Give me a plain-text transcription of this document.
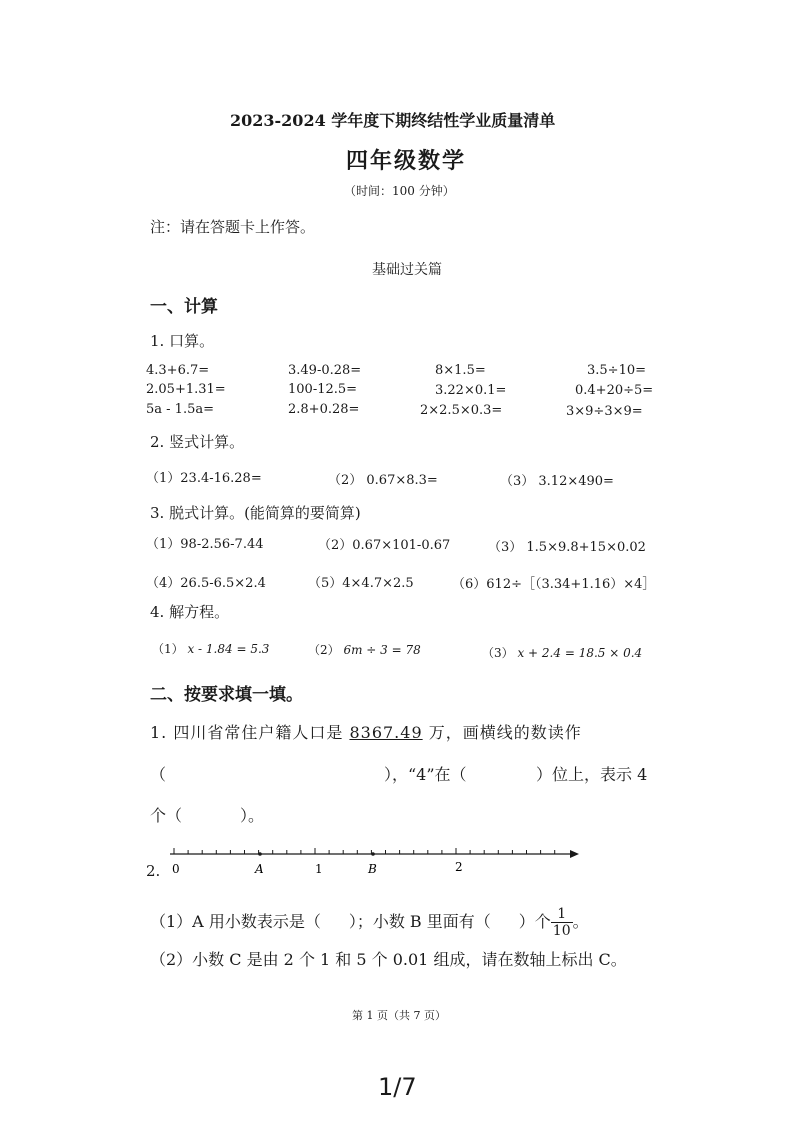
2023-2024 学年度下期终结性学业质量清单
四年级数学
（时间：100 分钟）
注：请在答题卡上作答。
基础过关篇
一、计算
1. 口算。
4.3+6.7=	3.49-0.28=	8×1.5=	3.5÷10=
2.05+1.31=	100-12.5=	3.22×0.1=	0.4+20÷5=
5a - 1.5a=	2.8+0.28=	2×2.5×0.3=	3×9÷3×9=
2. 竖式计算。
（1）23.4-16.28=	（2） 0.67×8.3=	（3） 3.12×490=
3. 脱式计算。(能简算的要简算)
（1）98-2.56-7.44	（2）0.67×101-0.67	（3） 1.5×9.8+15×0.02
（4）26.5-6.5×2.4	（5）4×4.7×2.5	（6）612÷［（3.34+1.16）×4］
4. 解方程。
（1） x - 1.84 = 5.3	（2） 6m ÷ 3 = 78	（3） x + 2.4 = 18.5 × 0.4
二、按要求填一填。
1. 四川省常住户籍人口是 8367.49 万，画横线的数读作
（	），“4”在（	）位上，表示 4
个（	）。
2. 0	A	1	B	2
（1）A 用小数表示是（ ）；小数 B 里面有（ ）个 $\frac{1}{10}$ 。
（2）小数 C 是由 2 个 1 和 5 个 0.01 组成，请在数轴上标出 C。
第 1 页（共 7 页）
1/7
